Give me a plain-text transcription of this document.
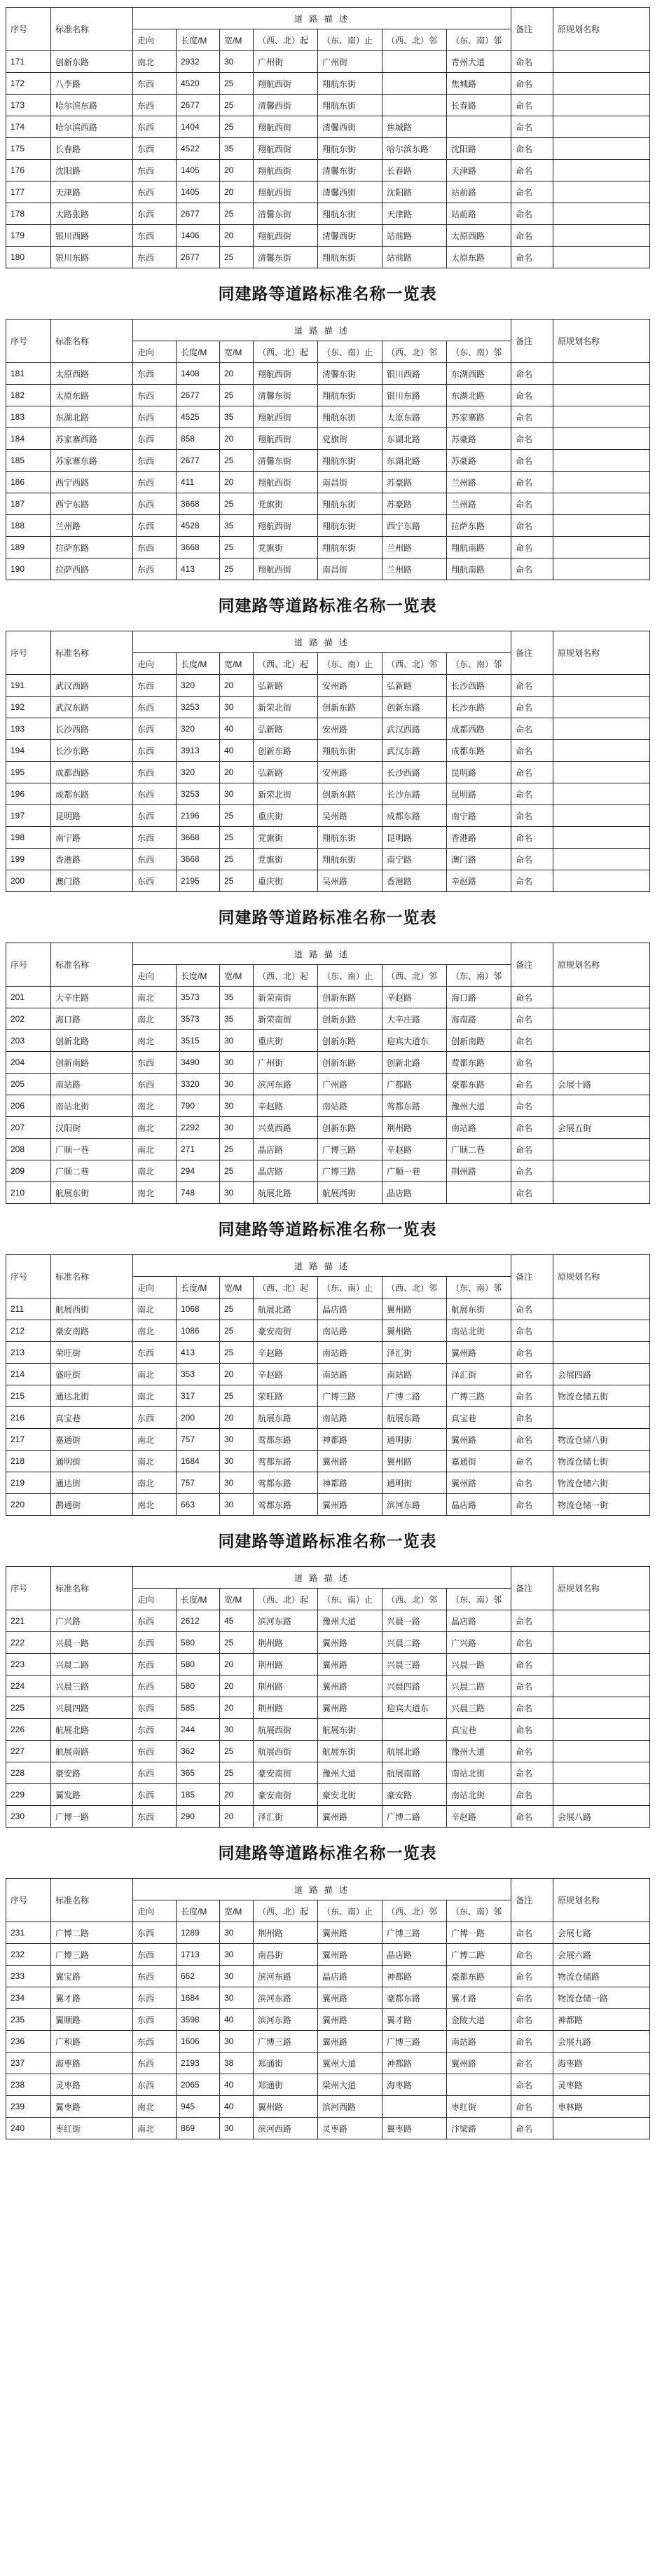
序号	标准名称	道 路 描 述							备注	原规划名称
		走向	长度/M	宽/M	（西、北）起	（东、南）止	（西、北）邻	（东、南）邻		
171	创新东路	南北	2932	30	广州街	广州街		青州大道	命名	
172	八李路	东西	4520	25	翔航西街	翔航东街		焦城路	命名	
173	哈尔滨东路	东西	2677	25	清馨西街	翔航东街		长春路	命名	
174	哈尔滨西路	东西	1404	25	翔航西街	清馨西街	焦城路		命名	
175	长春路	东西	4522	35	翔航西街	翔航东街	哈尔滨东路	沈阳路	命名	
176	沈阳路	东西	1405	20	翔航西街	清馨东街	长春路	天津路	命名	
177	天津路	东西	1405	20	翔航西街	清馨西街	沈阳路	站前路	命名	
178	大路张路	东西	2677	25	清馨东街	翔航东街	天津路	站前路	命名	
179	银川西路	东西	1406	20	翔航西街	清馨西街	站前路	太原西路	命名	
180	银川东路	东西	2677	25	清馨东街	翔航东街	站前路	太原东路	命名	
同建路等道路标准名称一览表
序号	标准名称	道 路 描 述							备注	原规划名称
		走向	长度/M	宽/M	（西、北）起	（东、南）止	（西、北）邻	（东、南）邻		
181	太原西路	东西	1408	20	翔航西街	清馨东街	银川西路	东湖西路	命名	
182	太原东路	东西	2677	25	清馨东街	翔航东街	银川东路	东湖北路	命名	
183	东湖北路	东西	4525	35	翔航西街	翔航东街	太原东路	苏家寨路	命名	
184	苏家寨西路	东西	858	20	翔航西街	党旗街	东湖北路	苏豪路	命名	
185	苏家寨东路	东西	2677	25	清馨东街	翔航东街	东湖北路	苏豪路	命名	
186	西宁西路	东西	411	20	翔航西街	南昌街	苏豪路	兰州路	命名	
187	西宁东路	东西	3668	25	党旗街	翔航东街	苏豪路	兰州路	命名	
188	兰州路	东西	4528	35	翔航西街	翔航东街	西宁东路	拉萨东路	命名	
189	拉萨东路	东西	3668	25	党旗街	翔航东街	兰州路	翔航南路	命名	
190	拉萨西路	东西	413	25	翔航西街	南昌街	兰州路	翔航南路	命名	
同建路等道路标准名称一览表
序号	标准名称	道 路 描 述							备注	原规划名称
		走向	长度/M	宽/M	（西、北）起	（东、南）止	（西、北）邻	（东、南）邻		
191	武汉西路	东西	320	20	弘新路	安州路	弘新路	长沙西路	命名	
192	武汉东路	东西	3253	30	新荣北街	创新东路	创新东路	长沙东路	命名	
193	长沙西路	东西	320	40	弘新路	安州路	武汉西路	成都西路	命名	
194	长沙东路	东西	3913	40	创新东路	翔航东街	武汉东路	成都东路	命名	
195	成都西路	东西	320	20	弘新路	安州路	长沙西路	昆明路	命名	
196	成都东路	东西	3253	30	新荣北街	创新东路	长沙东路	昆明路	命名	
197	昆明路	东西	2196	25	重庆街	吴州路	成都东路	南宁路	命名	
198	南宁路	东西	3668	25	党旗街	翔航东街	昆明路	香港路	命名	
199	香港路	东西	3668	25	党旗街	翔航东街	南宁路	澳门路	命名	
200	澳门路	东西	2195	25	重庆街	吴州路	香港路	辛赵路	命名	
同建路等道路标准名称一览表
序号	标准名称	道 路 描 述							备注	原规划名称
		走向	长度/M	宽/M	（西、北）起	（东、南）止	（西、北）邻	（东、南）邻		
201	大辛庄路	南北	3573	35	新荣南街	创新东路	辛赵路	海口路	命名	
202	海口路	南北	3573	35	新荣南街	创新东路	大辛庄路	海南路	命名	
203	创新北路	南北	3515	30	重庆街	创新东路	迎宾大道东	创新南路	命名	
204	创新南路	东西	3490	30	广州街	创新东路	创新北路	莺都东路	命名	
205	南站路	东西	3320	30	滨河东路	广州路	广都路	豪都东路	命名	会展十路
206	南站北街	南北	790	30	辛赵路	南站路	莺都东路	豫州大道	命名	
207	汉阳街	南北	2292	30	兴莫西路	创新东路	荆州路	南站路	命名	会展五街
208	广顺一巷	南北	271	25	晶店路	广博三路	辛赵路	广顺二巷	命名	
209	广顺二巷	南北	294	25	晶店路	广博三路	广顺一巷	荆州路	命名	
210	航展东街	南北	748	30	航展北路	航展西街	晶店路		命名	
同建路等道路标准名称一览表
序号	标准名称	道 路 描 述							备注	原规划名称
		走向	长度/M	宽/M	（西、北）起	（东、南）止	（西、北）邻	（东、南）邻		
211	航展西街	南北	1068	25	航展北路	晶店路	翼州路	航展东街	命名	
212	豪安南路	南北	1086	25	豪安南街	南站路	翼州路	南站北街	命名	
213	荣旺街	东西	413	25	辛赵路	南站路	泽汇街	翼州路	命名	
214	盛旺街	南北	353	20	辛赵路	南站路	南站路	泽汇街	命名	会展四路
215	通达北街	南北	317	25	荣旺路	广博三路	广博二路	广博三路	命名	物流仓储五街
216	真宝巷	东西	200	20	航展东路	南站路	航展东路	真宝巷	命名	
217	嘉通街	南北	757	30	莺都东路	神都路	通明街	翼州路	命名	物流仓储八街
218	通明街	南北	1684	30	莺都东路	翼州路	翼州路	嘉通街	命名	物流仓储七街
219	通达街	南北	757	30	莺都东路	神都路	通明街	翼州路	命名	物流仓储六街
220	鹊通街	南北	663	30	莺都东路	翼州路	滨河东路	晶店路	命名	物流仓储一街
同建路等道路标准名称一览表
序号	标准名称	道 路 描 述							备注	原规划名称
		走向	长度/M	宽/M	（西、北）起	（东、南）止	（西、北）邻	（东、南）邻		
221	广兴路	东西	2612	45	滨河东路	豫州大道	兴晨一路	晶店路	命名	
222	兴晨一路	东西	580	25	荆州路	翼州路	兴晨二路	广兴路	命名	
223	兴晨二路	东西	580	20	荆州路	翼州路	兴晨三路	兴晨一路	命名	
224	兴晨三路	东西	580	20	荆州路	翼州路	兴晨四路	兴晨二路	命名	
225	兴晨四路	东西	585	20	荆州路	翼州路	迎宾大道东	兴晨三路	命名	
226	航展北路	东西	244	30	航展西街	航展东街		真宝巷	命名	
227	航展南路	东西	362	25	航展西街	航展东街	航展北路	豫州大道	命名	
228	豪安路	东西	365	25	豪安南街	豫州大道	航展南路	南站北街	命名	
229	翼发路	东西	185	20	豪安南街	豪安北街	豪安路	南站北街	命名	
230	广博一路	东西	290	20	泽汇街	翼州路	广博二路	辛赵路	命名	会展八路
同建路等道路标准名称一览表
序号	标准名称	道 路 描 述							备注	原规划名称
		走向	长度/M	宽/M	（西、北）起	（东、南）止	（西、北）邻	（东、南）邻		
231	广博二路	东西	1289	30	荆州路	翼州路	广博三路	广博一路	命名	会展七路
232	广博三路	东西	1713	30	南昌街	翼州路	晶店路	广博二路	命名	会展六路
233	翼宝路	东西	662	30	滨河东路	晶店路	神都路	豪都东路	命名	物流仓储路
234	翼才路	东西	1684	30	滨河东路	翼州路	豪都东路	翼才路	命名	物流仓储一路
235	翼顺路	东西	3598	40	滨河东路	翼州路	翼才路	金陵大道	命名	神都路
236	广和路	东西	1606	30	广博三路	翼州路	广博三路	南站路	命名	会展九路
237	海枣路	东西	2193	38	郑通街	翼州大道	神都路	翼州路	命名	海枣路
238	灵枣路	东西	2065	40	郑通街	梁州大道	海枣路		命名	灵枣路
239	翼枣路	南北	945	40	翼州路	滨河西路		枣红街	命名	枣林路
240	枣红街	南北	869	30	滨河西路	灵枣路	翼枣路	汴梁路	命名	
